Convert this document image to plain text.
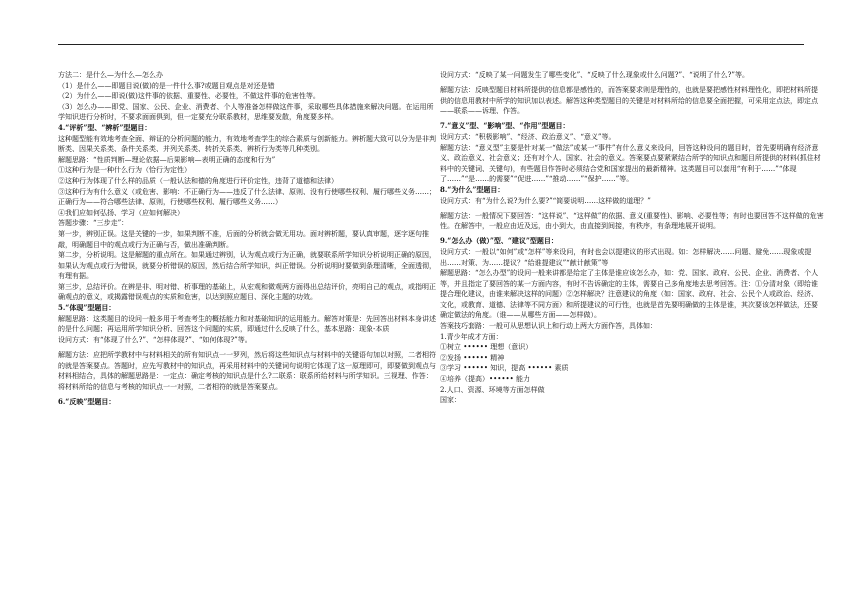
方法二：是什么—为什么—怎么办

（1）是什么——即题目说(做)的是一件什么事?或题目观点是对还是错

（2）为什么——即说(做)这件事的依据、重要性、必要性，不做这件事的危害性等。

（3）怎么办——即党、国家、公民、企业、消费者、个人等准备怎样做这件事，采取哪些具体措施来解决问题。在运用所学知识进行分析时，不要求面面俱到，但一定要充分联系教材，思维要发散，角度要多样。

4.“评析”型、“辨析”型题目：

这种题型能有效地考查全面、辩证的分析问题的能力，有效地考查学生的综合素质与创新能力。辨析题大致可以分为是非判断类、因果关系类、条件关系类、并列关系类、转折关系类、辨析行为类等几种类别。

解题思路：“性质判断—理论依据—后果影响—表明正确的态度和行为”

①这种行为是一种什么行为（恰行为定性）

②这种行为体现了什么样的品质（一般认法和德的角度进行评价定性，违背了道德和法律）

③这种行为有什么意义（或危害、影响：不正确行为——违反了什么法律、原则、没有行使哪些权利、履行哪些义务……；正确行为——符合哪些法律、原则，行使哪些权利、履行哪些义务……）

④我们应如何弘扬、学习（应如何解决）

答题步骤：“三步走”：

第一步，辨别正误。这是关键的一步，如果判断不准，后面的分析就会做无用功。面对辨析题，要认真审题，逐字逐句推敲，明确题目中的观点或行为正确与否，做出准确判断。

第二步，分析说明。这是解题的重点所在。如果通过辨别，认为观点或行为正确，就要联系所学知识分析说明正确的原因，如果认为观点或行为错误，就要分析错误的原因，然后结合所学知识，纠正错误。分析说明时要做到条理清晰，全面透彻，有理有据。

第三步，总结评价。在辨是非、明对错、析事理的基础上，从宏观和微观两方面得出总结评价，亮明自己的观点，或指明正确观点的意义，或揭露错误观点的实质和危害，以达到照应题目、深化主题的功效。

5.“体现”型题目：

解题思路：这类题目的设问一般多用于考查考生的概括能力和对基础知识的运用能力。解答对策是：先回答出材料本身讲述的是什么问题；再运用所学知识分析、回答这个问题的实质，即通过什么反映了什么，基本思路：现象-本质

设问方式：有“体现了什么?”、“怎样体现?”、“如何体现?”等。

解题方法：应把所学教材中与材料相关的所有知识点一一罗列，然后将这些知识点与材料中的关键语句加以对照，二者相符的就是答案要点。答题时，应先写教材中的知识点，再采用材料中的关键词句说明它体现了这一原理即可，即要做到观点与材料相结合，具体的解题思路是：一定点：确定考核的知识点是什么?二联系：联系所给材料与所学知识。三视理、作答：将材料所给的信息与考核的知识点一一对照，二者相符的就是答案要点。

6.“反映”型题目：

设问方式：“反映了某一问题发生了哪些变化”、“反映了什么现象或什么问题?”、“说明了什么?”等。

解题方法：反映型题目材料所提供的信息都是感性的，而答案要求则是理性的，也就是要把感性材料理性化，即把材料所提供的信息用教材中所学的知识加以表述。解答这种类型题目的关键是对材料所给的信息要全面把握，可采用定点法，即定点——联系——诉理、作答。

7.“意义”型、“影响”型、“作用”型题目：

设问方式：“积极影响”、“经济、政治意义”、“意义”等。

解题方法：“意义型”主要是针对某一“做法”或某一“事件”有什么意义来设问，回答这种设问的题目时，首先要明确有经济意义、政治意义、社会意义；还有对个人、国家、社会的意义。答案要点要紧紧结合所学的知识点和题目所提供的材料(抓住材料中的关键词、关键句)，有些题目作答时必须结合党和国家提出的最新精神。这类题目可以套用“有利于……”“体现了……”“是……的需要”“促进……”“推动……”“保护……”等。

8.“为什么”型题目：

设问方式：有“为什么说?为什么要?”“简要说明……这样做的道理？”

解题方法：一般情况下要回答：“这样说”、“这样做”的依据、意义(重要性)、影响、必要性等；有时也要回答不这样做的危害性。在解答中，一般应由近及远，由小到大，由直接到间接，有秩序，有条理地展开说明。

9.“怎么办（做）”型、“建议”型题目：

设问方式：一般以“如何”或“怎样”等来设问，有时也会以提建议的形式出现。如：怎样解决……问题、避免……现象或提出……对策、为……提议？“给谁提建议”“献计献策”等

解题思路：“怎么办型”的设问一般来讲都是给定了主体是谁应该怎么办，如：党、国家、政府、公民、企业、消费者、个人等，并且指定了要回答的某一方面内容，有时不告诉确定的主体，需要自己多角度地去思考回答。注：①分清对象（即给谁提合理化建议，由谁来解决这样的问题）②怎样解决？注意建议的角度（如：国家、政府、社会、公民个人或政治、经济、文化，或教育、道德、法律等不同方面）和所提建议的可行性，也就是首先要明确做的主体是谁，其次要该怎样做法，还要确定做法的角度。（谁——从哪些方面——怎样做）。

答案技巧套路：一般可从思想认识上和行动上两大方面作答，具体如：

1.青少年成才方面：

①树立 •••••• 理想（意识）

②发扬 •••••• 精神

③学习 •••••• 知识，提高 •••••• 素质

④培养（提高）•••••• 能力

2.人口、资源、环境等方面怎样做

国家：
